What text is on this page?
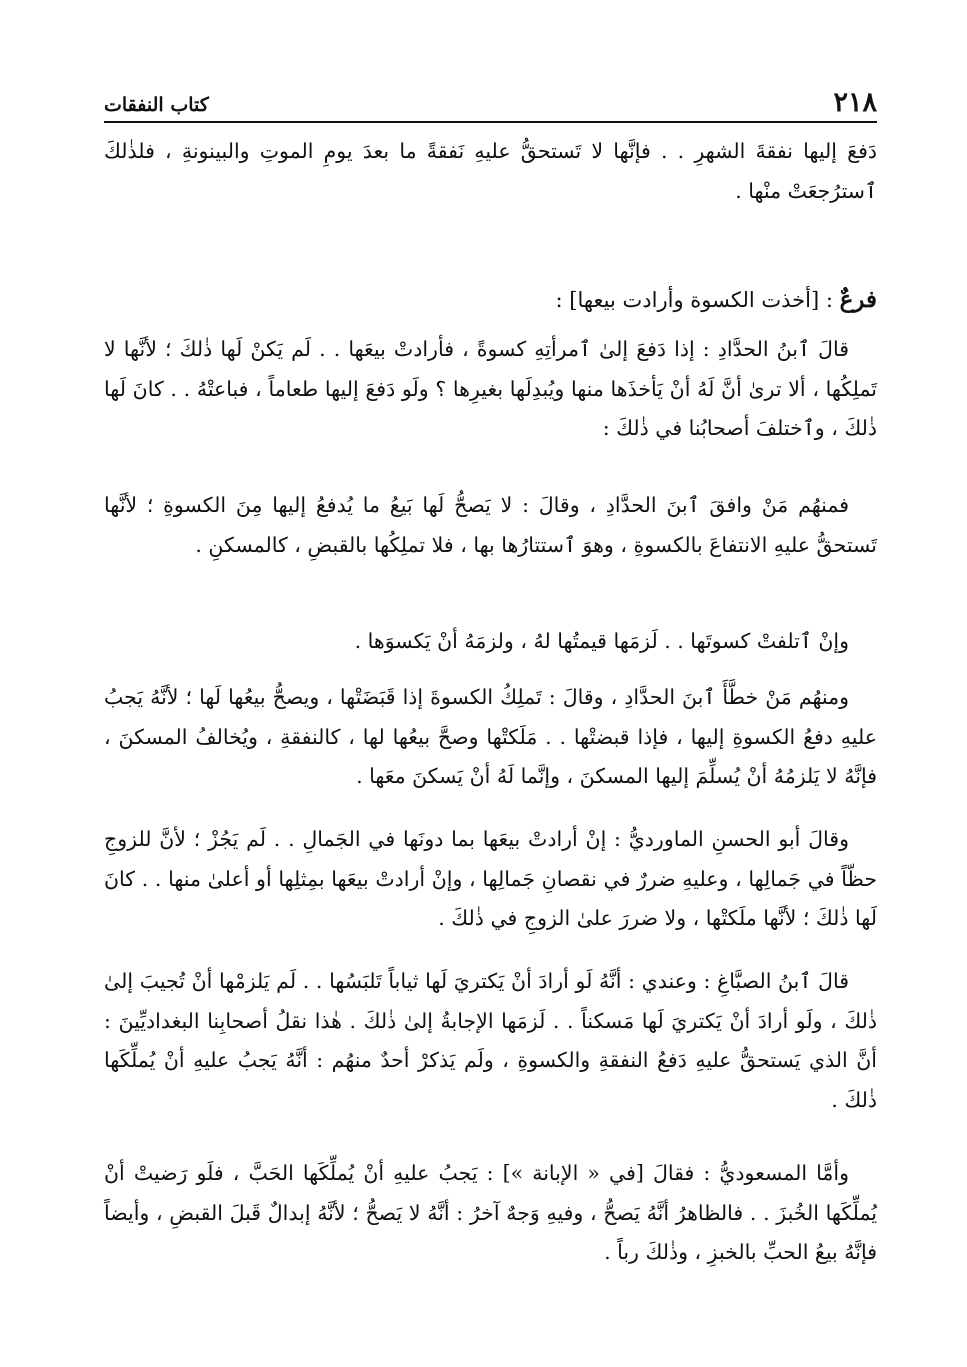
٢١٨
كتاب النفقات

دَفعَ إليها نفقةَ الشهرِ . . فإنَّها لا تَستحقُّ عليهِ نَفقةً ما بعدَ يومِ الموتِ والبينونةِ ، فلذٰلكَ ٱسترُجعَتْ منْها .

فرعٌ : [أخذت الكسوة وأرادت بيعها] :

قالَ ٱبنُ الحدَّادِ : إذا دَفعَ إلىٰ ٱمرأتِهِ كسوةً ، فأرادتْ بيعَها . . لَم يَكنْ لَها ذٰلكَ ؛ لأنَّها لا تَملِكُها ، ألا ترىٰ أنَّ لَهُ أنْ يَأخذَها منها ويُبدِلَها بغيرِها ؟ ولَو دَفعَ إليها طعاماً ، فباعتْهُ . . كانَ لَها ذٰلكَ ، وٱختلفَ أصحابُنا في ذٰلكَ :

فمنهُم مَنْ وافقَ ٱبنَ الحدَّادِ ، وقالَ : لا يَصحُّ لَها بَيعُ ما يُدفعُ إليها مِنَ الكسوةِ ؛ لأنَّها تَستحقُّ عليهِ الانتفاعَ بالكسوةِ ، وهوَ ٱستتارُها بها ، فلا تملِكُها بالقبضِ ، كالمسكنِ .

وإنْ ٱتلفتْ كسوتَها . . لَزمَها قيمتُها لهُ ، ولزمَهُ أنْ يَكسوَها .

ومنهُم مَنْ خطَّأَ ٱبنَ الحدَّادِ ، وقالَ : تَملِكُ الكسوةَ إذا قَبَضَتْها ، ويصحُّ بيعُها لَها ؛ لأنَّهُ يَجبُ عليهِ دفعُ الكسوةِ إليها ، فإذا قبضتْها . . مَلَكتْها وصحَّ بيعُها لها ، كالنفقةِ ، ويُخالفُ المسكنَ ، فإنَّهُ لا يَلزمُهُ أنْ يُسلِّمَ إليها المسكنَ ، وإنَّما لَهُ أنْ يَسكنَ معَها .

وقالَ أبو الحسنِ الماورديُّ : إنْ أرادتْ بيعَها بما دونَها في الجَمالِ . . لَم يَجُزْ ؛ لأنَّ للزوجِ حظّاً في جَمالِها ، وعليهِ ضررٌ في نقصانِ جَمالِها ، وإنْ أرادتْ بيعَها بمِثلِها أو أعلىٰ منها . . كانَ لَها ذٰلكَ ؛ لأنَّها ملَكتْها ، ولا ضررَ علىٰ الزوجِ في ذٰلكَ .

قالَ ٱبنُ الصبَّاغِ : وعندي : أنَّهُ لَو أرادَ أنْ يَكتريَ لَها ثياباً تَلبَسُها . . لَم يَلزمْها أنْ تُجيبَ إلىٰ ذٰلكَ ، ولَو أرادَ أنْ يَكتريَ لَها مَسكناً . . لَزمَها الإجابةُ إلىٰ ذٰلكَ . هٰذا نقلُ أصحابِنا البغداديِّينَ : أنَّ الذي يَستحقُّ عليهِ دَفعُ النفقةِ والكسوةِ ، ولَم يَذكرْ أحدٌ منهُم : أنَّهُ يَجبُ عليهِ أنْ يُملِّكَها ذٰلكَ .

وأمَّا المسعوديُّ : فقالَ [في « الإبانة »] : يَجبُ عليهِ أنْ يُملِّكَها الحَبَّ ، فلَو رَضيتْ أنْ يُملِّكَها الخُبزَ . . فالظاهرُ أنَّهُ يَصحُّ ، وفيهِ وَجهٌ آخرُ : أنَّهُ لا يَصحُّ ؛ لأنَّهُ إبدالٌ قَبلَ القبضِ ، وأيضاً فإنَّهُ بيعُ الحبِّ بالخبزِ ، وذٰلكَ رباً .
